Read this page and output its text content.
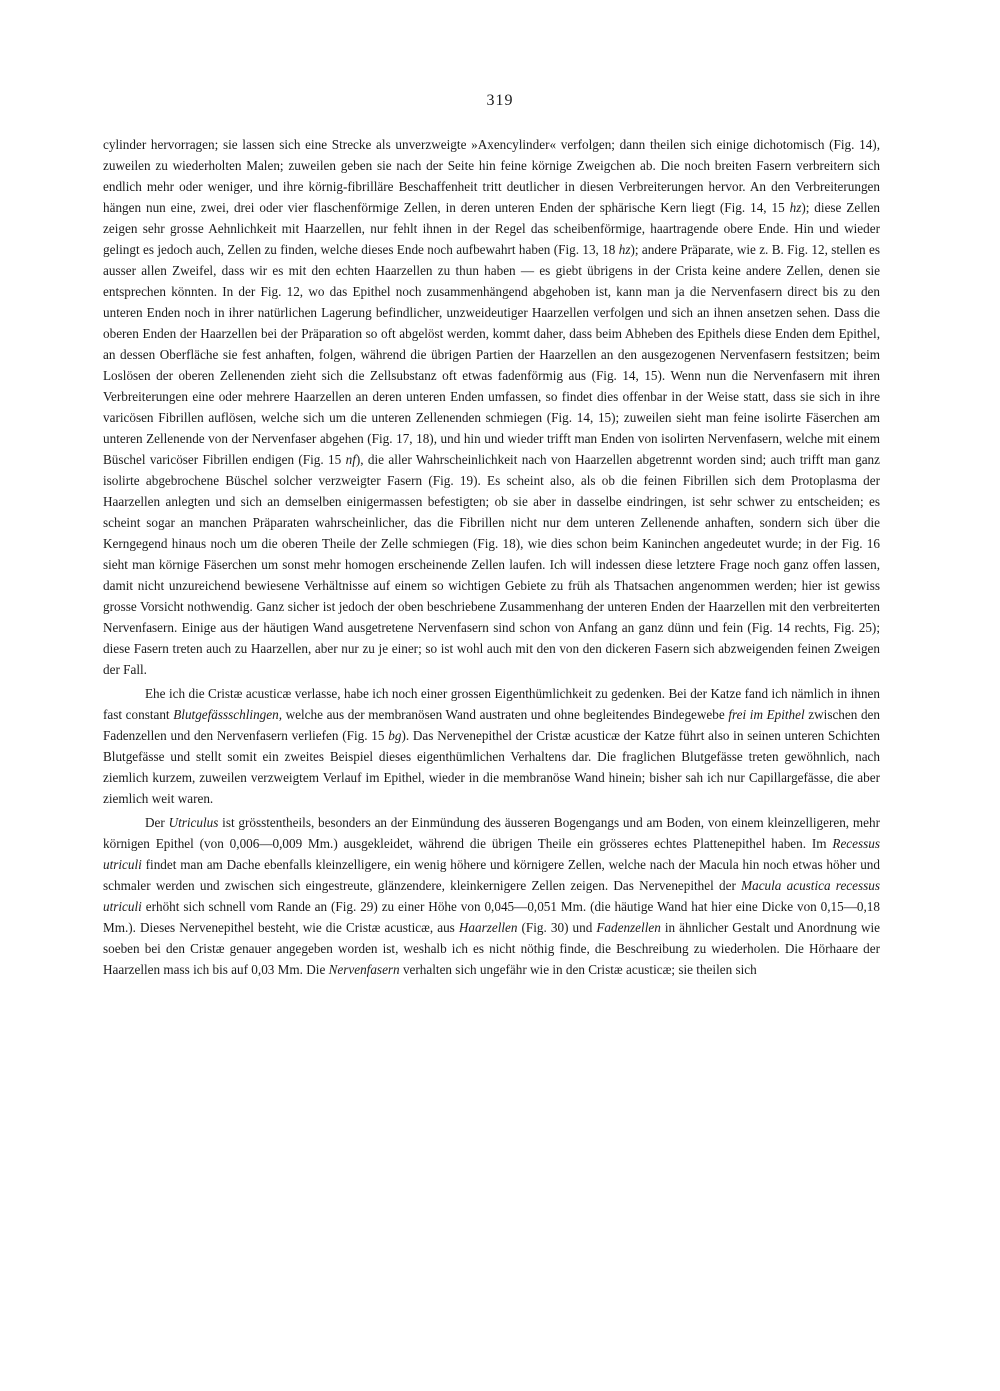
319

cylinder hervorragen; sie lassen sich eine Strecke als unverzweigte »Axencylinder« verfolgen; dann theilen sich einige dichotomisch (Fig. 14), zuweilen zu wiederholten Malen; zuweilen geben sie nach der Seite hin feine körnige Zweigchen ab. Die noch breiten Fasern verbreitern sich endlich mehr oder weniger, und ihre körnig-fibrilläre Beschaffenheit tritt deutlicher in diesen Verbreiterungen hervor. An den Verbreiterungen hängen nun eine, zwei, drei oder vier flaschenförmige Zellen, in deren unteren Enden der sphärische Kern liegt (Fig. 14, 15 hz); diese Zellen zeigen sehr grosse Aehnlichkeit mit Haarzellen, nur fehlt ihnen in der Regel das scheibenförmige, haartragende obere Ende. Hin und wieder gelingt es jedoch auch, Zellen zu finden, welche dieses Ende noch aufbewahrt haben (Fig. 13, 18 hz); andere Präparate, wie z. B. Fig. 12, stellen es ausser allen Zweifel, dass wir es mit den echten Haarzellen zu thun haben — es giebt übrigens in der Crista keine andere Zellen, denen sie entsprechen könnten. In der Fig. 12, wo das Epithel noch zusammenhängend abgehoben ist, kann man ja die Nervenfasern direct bis zu den unteren Enden noch in ihrer natürlichen Lagerung befindlicher, unzweideutiger Haarzellen verfolgen und sich an ihnen ansetzen sehen. Dass die oberen Enden der Haarzellen bei der Präparation so oft abgelöst werden, kommt daher, dass beim Abheben des Epithels diese Enden dem Epithel, an dessen Oberfläche sie fest anhaften, folgen, während die übrigen Partien der Haarzellen an den ausgezogenen Nervenfasern festsitzen; beim Loslösen der oberen Zellenenden zieht sich die Zellsubstanz oft etwas fadenförmig aus (Fig. 14, 15). Wenn nun die Nervenfasern mit ihren Verbreiterungen eine oder mehrere Haarzellen an deren unteren Enden umfassen, so findet dies offenbar in der Weise statt, dass sie sich in ihre varicösen Fibrillen auflösen, welche sich um die unteren Zellenenden schmiegen (Fig. 14, 15); zuweilen sieht man feine isolirte Fäserchen am unteren Zellenende von der Nervenfaser abgehen (Fig. 17, 18), und hin und wieder trifft man Enden von isolirten Nervenfasern, welche mit einem Büschel varicöser Fibrillen endigen (Fig. 15 nf), die aller Wahrscheinlichkeit nach von Haarzellen abgetrennt worden sind; auch trifft man ganz isolirte abgebrochene Büschel solcher verzweigter Fasern (Fig. 19). Es scheint also, als ob die feinen Fibrillen sich dem Protoplasma der Haarzellen anlegten und sich an demselben einigermassen befestigten; ob sie aber in dasselbe eindringen, ist sehr schwer zu entscheiden; es scheint sogar an manchen Präparaten wahrscheinlicher, das die Fibrillen nicht nur dem unteren Zellenende anhaften, sondern sich über die Kerngegend hinaus noch um die oberen Theile der Zelle schmiegen (Fig. 18), wie dies schon beim Kaninchen angedeutet wurde; in der Fig. 16 sieht man körnige Fäserchen um sonst mehr homogen erscheinende Zellen laufen. Ich will indessen diese letztere Frage noch ganz offen lassen, damit nicht unzureichend bewiesene Verhältnisse auf einem so wichtigen Gebiete zu früh als Thatsachen angenommen werden; hier ist gewiss grosse Vorsicht nothwendig. Ganz sicher ist jedoch der oben beschriebene Zusammenhang der unteren Enden der Haarzellen mit den verbreiterten Nervenfasern. Einige aus der häutigen Wand ausgetretene Nervenfasern sind schon von Anfang an ganz dünn und fein (Fig. 14 rechts, Fig. 25); diese Fasern treten auch zu Haarzellen, aber nur zu je einer; so ist wohl auch mit den von den dickeren Fasern sich abzweigenden feinen Zweigen der Fall.

Ehe ich die Cristæ acusticæ verlasse, habe ich noch einer grossen Eigenthümlichkeit zu gedenken. Bei der Katze fand ich nämlich in ihnen fast constant Blutgefässschlingen, welche aus der membranösen Wand austraten und ohne begleitendes Bindegewebe frei im Epithel zwischen den Fadenzellen und den Nervenfasern verliefen (Fig. 15 bg). Das Nervenepithel der Cristæ acusticæ der Katze führt also in seinen unteren Schichten Blutgefässe und stellt somit ein zweites Beispiel dieses eigenthümlichen Verhaltens dar. Die fraglichen Blutgefässe treten gewöhnlich, nach ziemlich kurzem, zuweilen verzweigtem Verlauf im Epithel, wieder in die membranöse Wand hinein; bisher sah ich nur Capillargefässe, die aber ziemlich weit waren.

Der Utriculus ist grösstentheils, besonders an der Einmündung des äusseren Bogengangs und am Boden, von einem kleinzelligeren, mehr körnigen Epithel (von 0,006—0,009 Mm.) ausgekleidet, während die übrigen Theile ein grösseres echtes Plattenepithel haben. Im Recessus utriculi findet man am Dache ebenfalls kleinzelligere, ein wenig höhere und körnigere Zellen, welche nach der Macula hin noch etwas höher und schmaler werden und zwischen sich eingestreute, glänzendere, kleinkernigere Zellen zeigen. Das Nervenepithel der Macula acustica recessus utriculi erhöht sich schnell vom Rande an (Fig. 29) zu einer Höhe von 0,045—0,051 Mm. (die häutige Wand hat hier eine Dicke von 0,15—0,18 Mm.). Dieses Nervenepithel besteht, wie die Cristæ acusticæ, aus Haarzellen (Fig. 30) und Fadenzellen in ähnlicher Gestalt und Anordnung wie soeben bei den Cristæ genauer angegeben worden ist, weshalb ich es nicht nöthig finde, die Beschreibung zu wiederholen. Die Hörhaare der Haarzellen mass ich bis auf 0,03 Mm. Die Nervenfasern verhalten sich ungefähr wie in den Cristæ acusticæ; sie theilen sich
